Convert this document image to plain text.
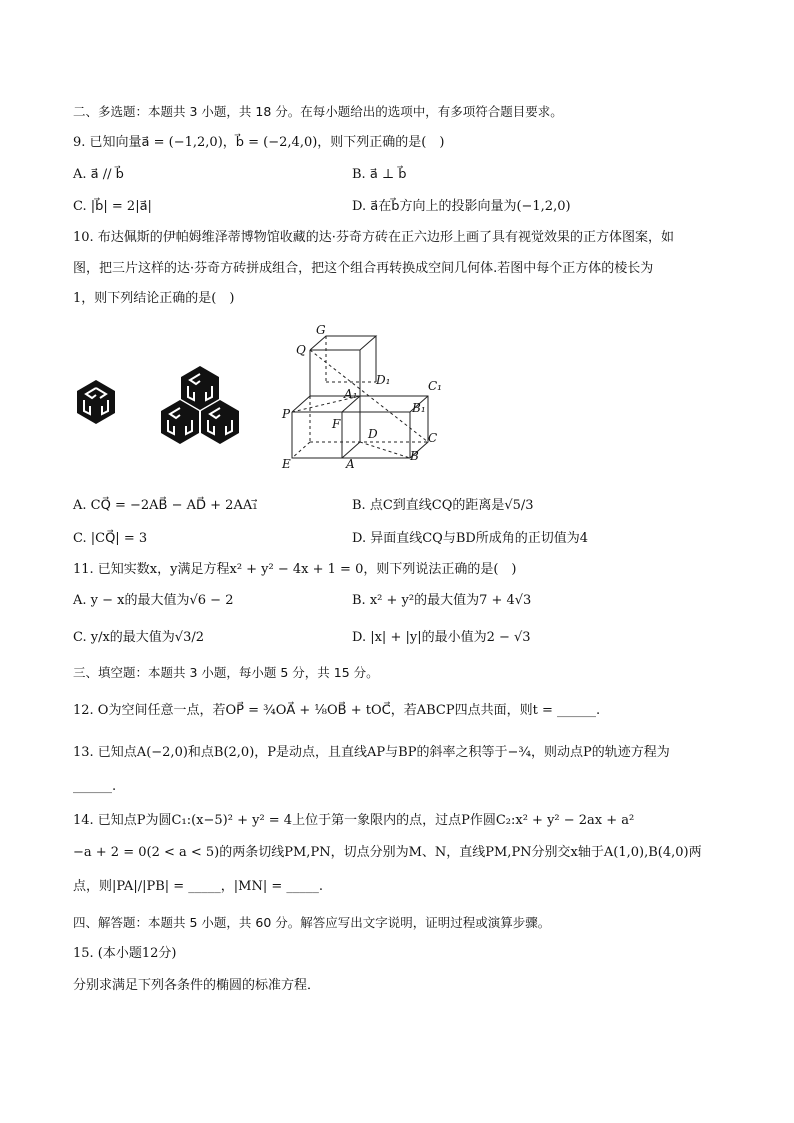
二、多选题：本题共 3 小题，共 18 分。在每小题给出的选项中，有多项符合题目要求。
9. 已知向量a⃗ = (−1,2,0)，b⃗ = (−2,4,0)，则下列正确的是(　)
A. a⃗ // b⃗	B. a⃗ ⊥ b⃗
C. |b⃗| = 2|a⃗|	D. a⃗在b⃗方向上的投影向量为(−1,2,0)
10. 布达佩斯的伊帕姆维泽蒂博物馆收藏的达·芬奇方砖在正六边形上画了具有视觉效果的正方体图案，如
图，把三片这样的达·芬奇方砖拼成组合，把这个组合再转换成空间几何体.若图中每个正方体的棱长为
1，则下列结论正确的是(　)
G
Q
D₁	C₁
A₁
B₁
P
F
C
D
E	A
B
A. CQ⃗ = −2AB⃗ − AD⃗ + 2AA₁⃗	B. 点C到直线CQ的距离是√5/3
C. |CQ⃗| = 3	D. 异面直线CQ与BD所成角的正切值为4
11. 已知实数x，y满足方程x² + y² − 4x + 1 = 0，则下列说法正确的是(　)
A. y − x的最大值为√6 − 2	B. x² + y²的最大值为7 + 4√3
C. y/x的最大值为√3/2	D. |x| + |y|的最小值为2 − √3
三、填空题：本题共 3 小题，每小题 5 分，共 15 分。
12. O为空间任意一点，若OP⃗ = ¾OA⃗ + ⅛OB⃗ + tOC⃗，若ABCP四点共面，则t = ______.
13. 已知点A(−2,0)和点B(2,0)，P是动点，且直线AP与BP的斜率之积等于−¾，则动点P的轨迹方程为
______.
14. 已知点P为圆C₁:(x−5)² + y² = 4上位于第一象限内的点，过点P作圆C₂:x² + y² − 2ax + a²
−a + 2 = 0(2 < a < 5)的两条切线PM,PN，切点分别为M、N，直线PM,PN分别交x轴于A(1,0),B(4,0)两
点，则|PA|/|PB| = _____，|MN| = _____.
四、解答题：本题共 5 小题，共 60 分。解答应写出文字说明，证明过程或演算步骤。
15. (本小题12分)
分别求满足下列各条件的椭圆的标准方程．
